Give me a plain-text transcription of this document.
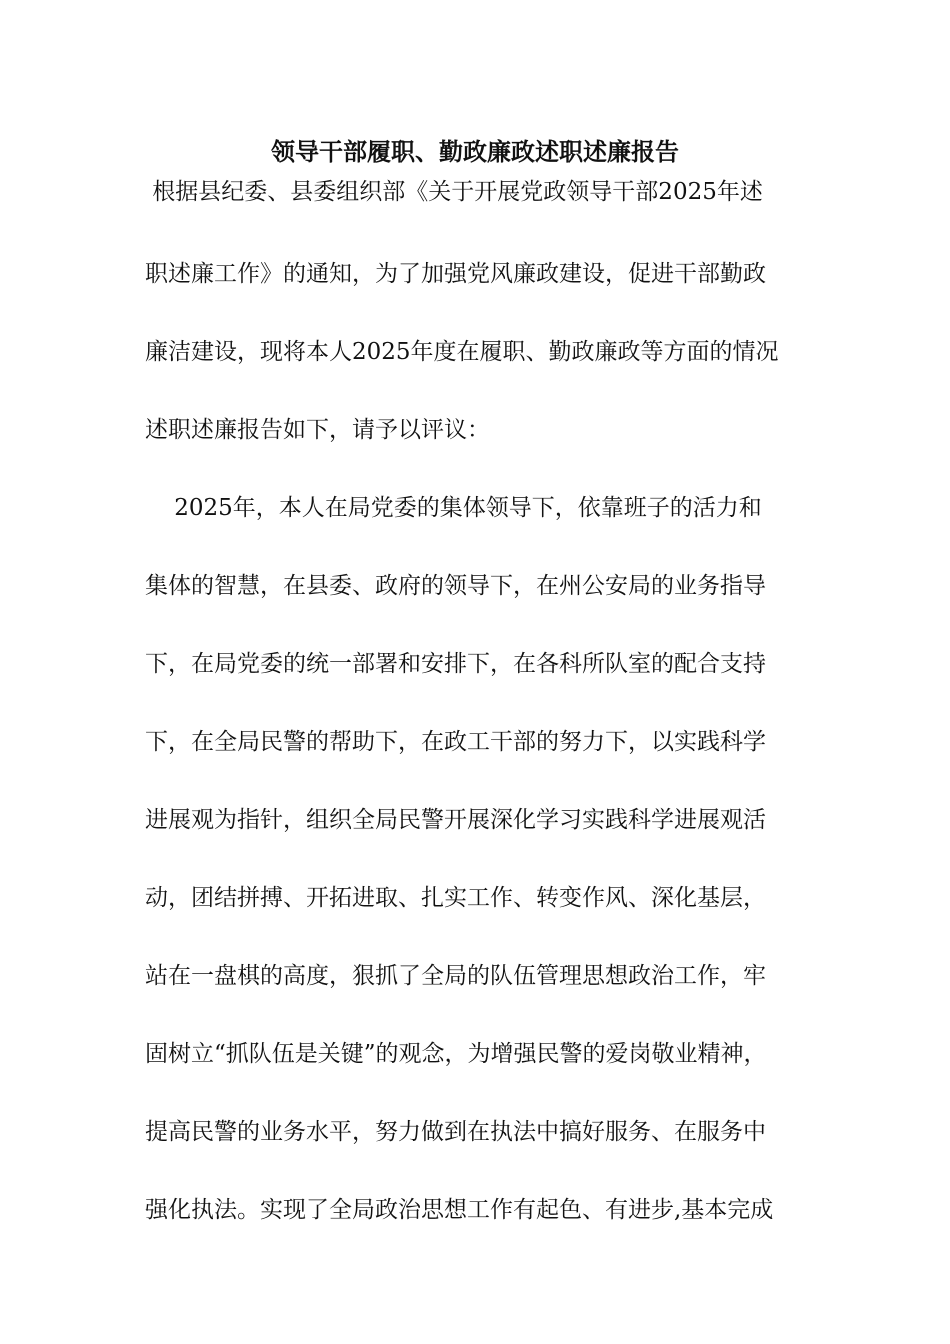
领导干部履职、勤政廉政述职述廉报告

根据县纪委、县委组织部《关于开展党政领导干部2025年述

职述廉工作》的通知，为了加强党风廉政建设，促进干部勤政

廉洁建设，现将本人2025年度在履职、勤政廉政等方面的情况

述职述廉报告如下，请予以评议：

2025年，本人在局党委的集体领导下，依靠班子的活力和

集体的智慧，在县委、政府的领导下，在州公安局的业务指导

下，在局党委的统一部署和安排下，在各科所队室的配合支持

下，在全局民警的帮助下，在政工干部的努力下，以实践科学

进展观为指针，组织全局民警开展深化学习实践科学进展观活

动，团结拼搏、开拓进取、扎实工作、转变作风、深化基层，

站在一盘棋的高度，狠抓了全局的队伍管理思想政治工作，牢

固树立“抓队伍是关键”的观念，为增强民警的爱岗敬业精神，

提高民警的业务水平，努力做到在执法中搞好服务、在服务中

强化执法。实现了全局政治思想工作有起色、有进步,基本完成
